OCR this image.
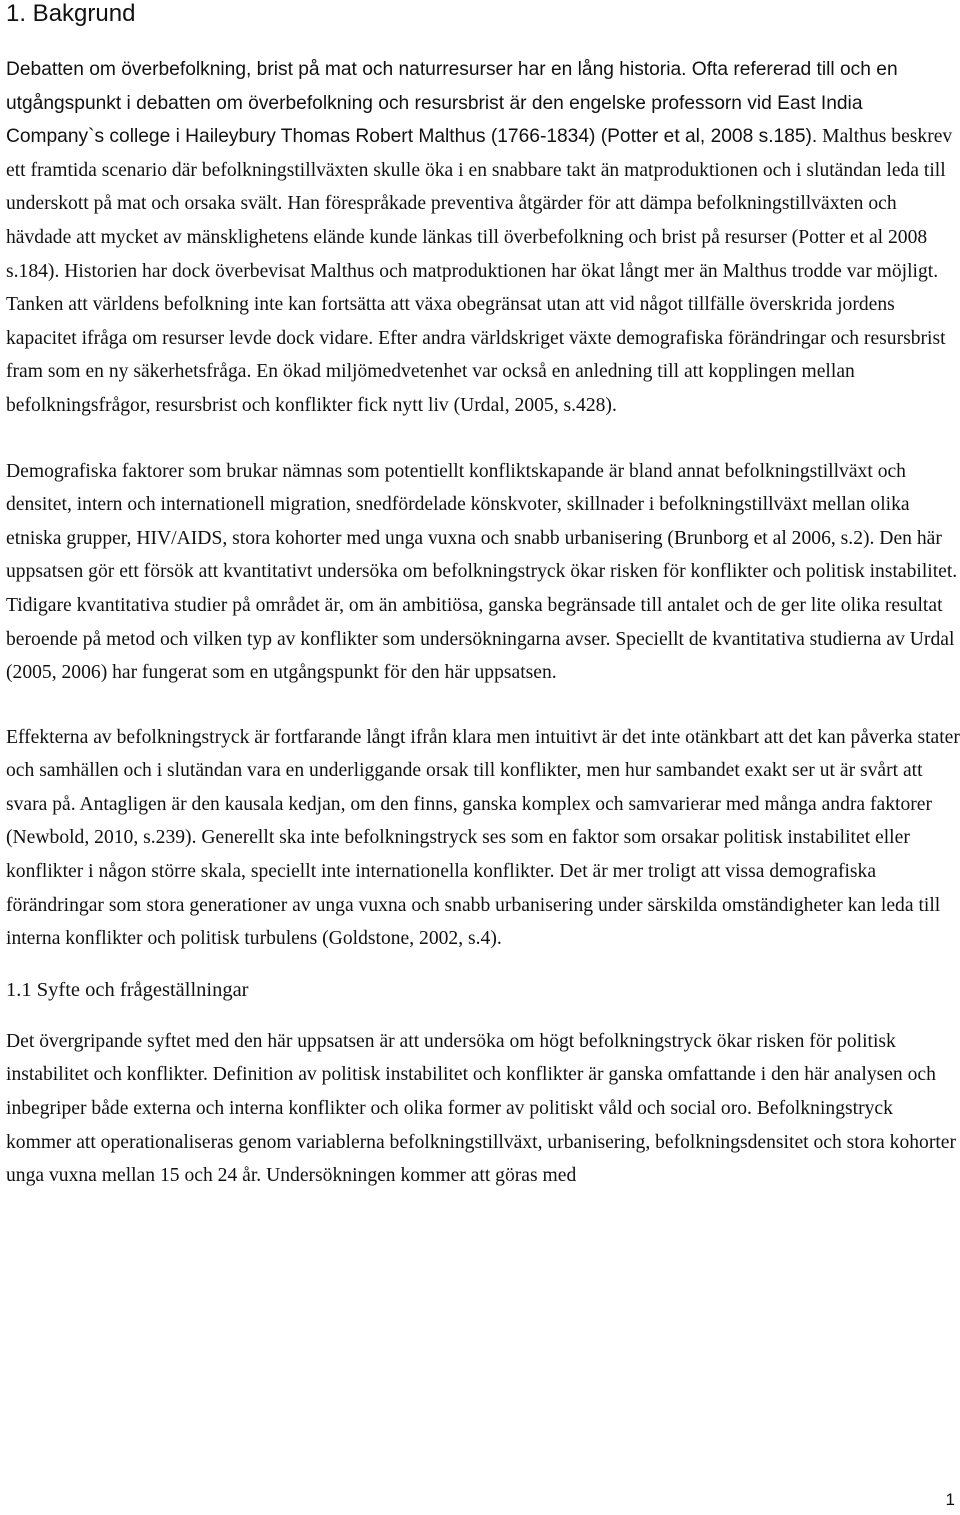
1. Bakgrund

Debatten om överbefolkning, brist på mat och naturresurser har en lång historia. Ofta refererad till och en utgångspunkt i debatten om överbefolkning och resursbrist är den engelske professorn vid East India Company`s college i Haileybury Thomas Robert Malthus (1766-1834) (Potter et al, 2008 s.185). Malthus beskrev ett framtida scenario där befolkningstillväxten skulle öka i en snabbare takt än matproduktionen och i slutändan leda till underskott på mat och orsaka svält. Han förespråkade preventiva åtgärder för att dämpa befolkningstillväxten och hävdade att mycket av mänsklighetens elände kunde länkas till överbefolkning och brist på resurser (Potter et al 2008 s.184). Historien har dock överbevisat Malthus och matproduktionen har ökat långt mer än Malthus trodde var möjligt. Tanken att världens befolkning inte kan fortsätta att växa obegränsat utan att vid något tillfälle överskrida jordens kapacitet ifråga om resurser levde dock vidare. Efter andra världskriget växte demografiska förändringar och resursbrist fram som en ny säkerhetsfråga. En ökad miljömedvetenhet var också en anledning till att kopplingen mellan befolkningsfrågor, resursbrist och konflikter fick nytt liv (Urdal, 2005, s.428).

Demografiska faktorer som brukar nämnas som potentiellt konfliktskapande är bland annat befolkningstillväxt och densitet, intern och internationell migration, snedfördelade könskvoter, skillnader i befolkningstillväxt mellan olika etniska grupper, HIV/AIDS, stora kohorter med unga vuxna och snabb urbanisering (Brunborg et al 2006, s.2). Den här uppsatsen gör ett försök att kvantitativt undersöka om befolkningstryck ökar risken för konflikter och politisk instabilitet. Tidigare kvantitativa studier på området är, om än ambitiösa, ganska begränsade till antalet och de ger lite olika resultat beroende på metod och vilken typ av konflikter som undersökningarna avser. Speciellt de kvantitativa studierna av Urdal (2005, 2006) har fungerat som en utgångspunkt för den här uppsatsen.

Effekterna av befolkningstryck är fortfarande långt ifrån klara men intuitivt är det inte otänkbart att det kan påverka stater och samhällen och i slutändan vara en underliggande orsak till konflikter, men hur sambandet exakt ser ut är svårt att svara på. Antagligen är den kausala kedjan, om den finns, ganska komplex och samvarierar med många andra faktorer (Newbold, 2010, s.239). Generellt ska inte befolkningstryck ses som en faktor som orsakar politisk instabilitet eller konflikter i någon större skala, speciellt inte internationella konflikter. Det är mer troligt att vissa demografiska förändringar som stora generationer av unga vuxna och snabb urbanisering under särskilda omständigheter kan leda till interna konflikter och politisk turbulens (Goldstone, 2002, s.4).

1.1 Syfte och frågeställningar

Det övergripande syftet med den här uppsatsen är att undersöka om högt befolkningstryck ökar risken för politisk instabilitet och konflikter. Definition av politisk instabilitet och konflikter är ganska omfattande i den här analysen och inbegriper både externa och interna konflikter och olika former av politiskt våld och social oro. Befolkningstryck kommer att operationaliseras genom variablerna befolkningstillväxt, urbanisering, befolkningsdensitet och stora kohorter unga vuxna mellan 15 och 24 år. Undersökningen kommer att göras med

1
